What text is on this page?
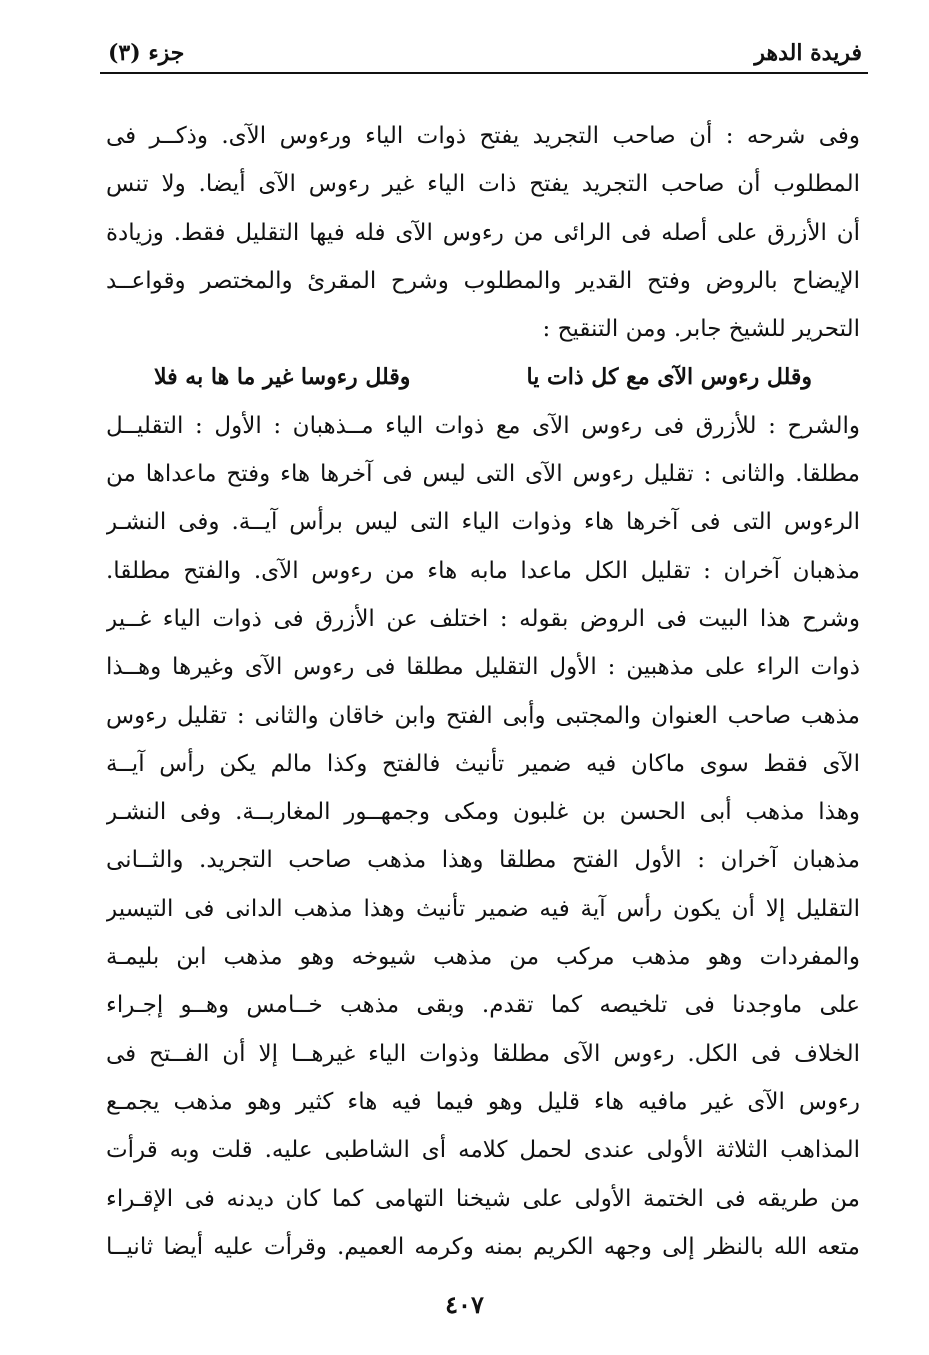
فريدة الدهر
جزء (٣)
وفى شرحه : أن صاحب التجريد يفتح ذوات الياء ورءوس الآى. وذكــر فى
المطلوب أن صاحب التجريد يفتح ذات الياء غير رءوس الآى أيضا. ولا تنس
أن الأزرق على أصله فى الرائى من رءوس الآى فله فيها التقليل فقط. وزيادة
الإيضاح بالروض وفتح القدير والمطلوب وشرح المقرئ والمختصر وقواعــد
التحرير للشيخ جابر. ومن التنقيح :
وقلل رءوس الآى مع كل ذات يا
وقلل رءوسا غير ما ها به فلا
والشرح : للأزرق فى رءوس الآى مع ذوات الياء مــذهبان : الأول : التقليــل
مطلقا. والثانى : تقليل رءوس الآى التى ليس فى آخرها هاء وفتح ماعداها من
الرءوس التى فى آخرها هاء وذوات الياء التى ليس برأس آيــة. وفى النشـر
مذهبان آخران : تقليل الكل ماعدا مابه هاء من رءوس الآى. والفتح مطلقا.
وشرح هذا البيت فى الروض بقوله : اختلف عن الأزرق فى ذوات الياء غــير
ذوات الراء على مذهبين : الأول التقليل مطلقا فى رءوس الآى وغيرها وهــذا
مذهب صاحب العنوان والمجتبى وأبى الفتح وابن خاقان والثانى : تقليل رءوس
الآى فقط سوى ماكان فيه ضمير تأنيث فالفتح وكذا مالم يكن رأس آيــة
وهذا مذهب أبى الحسن بن غلبون ومكى وجمهــور المغاربــة. وفى النشـر
مذهبان آخران : الأول الفتح مطلقا وهذا مذهب صاحب التجريد. والثــانى
التقليل إلا أن يكون رأس آية فيه ضمير تأنيث وهذا مذهب الدانى فى التيسير
والمفردات وهو مذهب مركب من مذهب شيوخه وهو مذهب ابن بليمـة
على ماوجدنا فى تلخيصه كما تقدم. وبقى مذهب خــامس وهــو إجـراء
الخلاف فى الكل. رءوس الآى مطلقا وذوات الياء غيرهــا إلا أن الفــتح فى
رءوس الآى غير مافيه هاء قليل وهو فيما فيه هاء كثير وهو مذهب يجمـع
المذاهب الثلاثة الأولى عندى لحمل كلامه أى الشاطبى عليه. قلت وبه قرأت
من طريقه فى الختمة الأولى على شيخنا التهامى كما كان ديدنه فى الإقـراء
متعه الله بالنظر إلى وجهه الكريم بمنه وكرمه العميم. وقرأت عليه أيضا ثانيــا
٤٠٧
